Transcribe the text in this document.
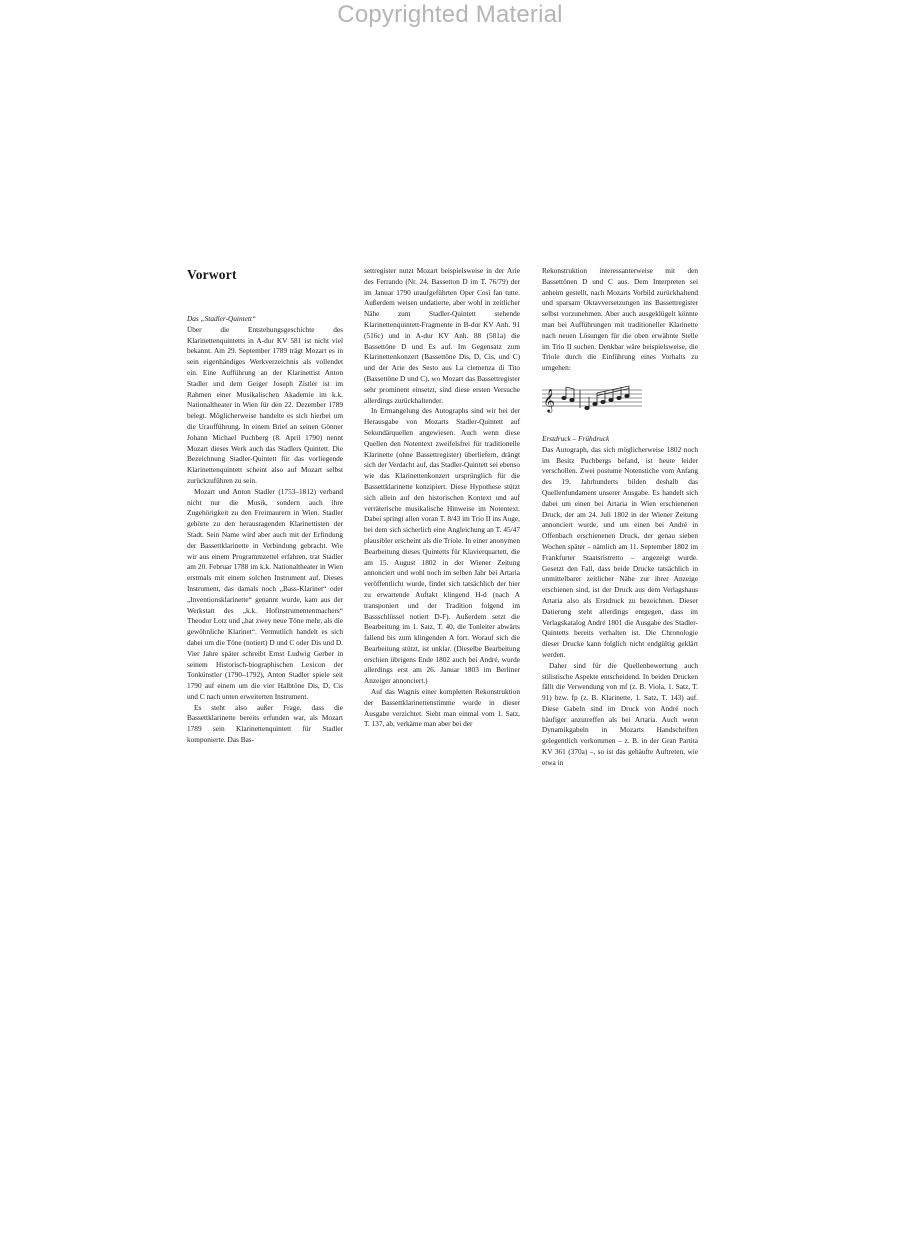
Copyrighted Material
Vorwort

Das „Stadler-Quintett“

Über die Entstehungsgeschichte des Klarinettenquintetts in A-dur KV 581 ist nicht viel bekannt. Am 29. September 1789 trägt Mozart es in sein eigenhändiges Werkverzeichnis als vollendet ein. Eine Aufführung an der Klarinettist Anton Stadler und dem Geiger Joseph Zistler ist im Rahmen einer Musikalischen Akademie im k.k. Nationaltheater in Wien für den 22. Dezember 1789 belegt. Möglicherweise handelte es sich hierbei um die Uraufführung. In einem Brief an seinen Gönner Johann Michael Puchberg (8. April 1790) nennt Mozart dieses Werk auch das Stadlers Quintett. Die Bezeichnung Stadler-Quintett für das vorliegende Klarinettenquintett scheint also auf Mozart selbst zurückzuführen zu sein.

Mozart und Anton Stadler (1753–1812) verband nicht nur die Musik, sondern auch ihre Zugehörigkeit zu den Freimaurern in Wien. Stadler gehörte zu den herausragenden Klarinettisten der Stadt. Sein Name wird aber auch mit der Erfindung der Bassettklarinette in Verbindung gebracht. Wie wir aus einem Programmzettel erfahren, trat Stadler am 20. Februar 1788 im k.k. Nationaltheater in Wien erstmals mit einem solchen Instrument auf. Dieses Instrument, das damals noch „Bass-Klarinet“ oder „Inventionsklarinette“ genannt wurde, kam aus der Werkstatt des „k.k. Hofinstrumentenmachers“ Theodor Lotz und „hat zwey neue Töne mehr, als die gewöhnliche Klarinet“. Vermutlich handelt es sich dabei um die Töne (notiert) D und C oder Dis und D. Vier Jahre später schreibt Ernst Ludwig Gerber in seinem Historisch-biographischen Lexicon der Tonkünstler (1790–1792), Anton Stadler spiele seit 1790 auf einem um die vier Halbtöne Dis, D, Cis und C nach unten erweiterten Instrument.

Es steht also außer Frage, dass die Bassettklarinette bereits erfunden war, als Mozart 1789 sein Klarinettenquintett für Stadler komponierte. Das Bas-

settregister nutzt Mozart beispielsweise in der Arie des Ferrando (Nr. 24, Bassetton D im T. 76/79) der im Januar 1790 uraufgeführten Oper Così fan tutte. Außerdem weisen undatierte, aber wohl in zeitlicher Nähe zum Stadler-Quintett stehende Klarinettenquintett-Fragmente in B-dur KV Anh. 91 (516c) und in A-dur KV Anh. 88 (581a) die Bassettöne D und Es auf. Im Gegensatz zum Klarinettenkonzert (Bassettöne Dis, D, Cis, und C) und der Arie des Sesto aus La clemenza di Tito (Bassettöne D und C), wo Mozart das Bassettregister sehr prominent einsetzt, sind diese ersten Versuche allerdings zurückhaltender.

In Ermangelung des Autographs sind wir bei der Herausgabe von Mozarts Stadler-Quintett auf Sekundärquellen angewiesen. Auch wenn diese Quellen den Notentext zweifelsfrei für traditionelle Klarinette (ohne Bassettregister) überliefern, drängt sich der Verdacht auf, das Stadler-Quintett sei ebenso wie das Klarinettenkonzert ursprünglich für die Bassettklarinette konzipiert. Diese Hypothese stützt sich allein auf den historischen Kontext und auf verräterische musikalische Hinweise im Notentext. Dabei springt allen voran T. 8/43 im Trio II ins Auge, bei dem sich sicherlich eine Angleichung an T. 45/47 plausibler erscheint als die Triole. In einer anonymen Bearbeitung dieses Quintetts für Klavierquartett, die am 15. August 1802 in der Wiener Zeitung annonciert und wohl noch im selben Jahr bei Artaria veröffentlicht wurde, findet sich tatsächlich der hier zu erwartende Auftakt klingend H-d (nach A transponiert und der Tradition folgend im Bassschlüssel notiert D-F). Außerdem setzt die Bearbeitung im 1. Satz, T. 40, die Tonleiter abwärts fallend bis zum klingenden A fort. Worauf sich die Bearbeitung stützt, ist unklar. (Dieselbe Bearbeitung erschien übrigens Ende 1802 auch bei André, wurde allerdings erst am 26. Januar 1803 im Berliner Anzeiger annonciert.)

Auf das Wagnis einer kompletten Rekonstruktion der Bassettklarinettenstimme wurde in dieser Ausgabe verzichtet. Sieht man einmal vom 1. Satz, T. 137, ab, verkäme man aber bei der

Rekonstruktion interessanterweise mit den Bassettönen D und C aus. Dem Interpreten sei anheim gestellt, nach Mozarts Vorbild zurückhaltend und sparsam Oktavversetzungen ins Bassettregister selbst vorzunehmen. Aber auch ausgeklügelt könnte man bei Aufführungen mit traditioneller Klarinette nach neuen Lösungen für die oben erwähnte Stelle im Trio II suchen. Denkbar wäre beispielsweise, die Triole durch die Einführung eines Vorhalts zu umgehen:

𝄞

Erstdruck – Frühdruck

Das Autograph, das sich möglicherweise 1802 noch im Besitz Puchbergs befand, ist heute leider verschollen. Zwei postume Notenstiche vom Anfang des 19. Jahrhunderts bilden deshalb das Quellenfundament unserer Ausgabe. Es handelt sich dabei um einen bei Artaria in Wien erschienenen Druck, der am 24. Juli 1802 in der Wiener Zeitung annonciert wurde, und um einen bei André in Offenbach erschienenen Druck, der genau sieben Wochen später – nämlich am 11. September 1802 im Frankfurter Staatsristretto – angezeigt wurde. Gesetzt den Fall, dass beide Drucke tatsächlich in unmittelbarer zeitlicher Nähe zur ihrer Anzeige erschienen sind, ist der Druck aus dem Verlagshaus Artaria also als Erstdruck zu bezeichnen. Dieser Datierung steht allerdings entgegen, dass im Verlagskatalog André 1801 die Ausgabe des Stadler-Quintetts bereits verhalten ist. Die Chronologie dieser Drucke kann folglich nicht endgültig geklärt werden.

Daher sind für die Quellenbewertung auch stilistische Aspekte entscheidend. In beiden Drucken fällt die Verwendung von mf (z. B. Viola, 1. Satz, T. 91) bzw. fp (z. B. Klarinette, 1. Satz, T. 143) auf. Diese Gabeln sind im Druck von André noch häufiger anzutreffen als bei Artaria. Auch wenn Dynamikgabeln in Mozarts Handschriften gelegentlich vorkommen – z. B. in der Gran Partita KV 361 (370a) –, so ist das gehäufte Auftreten, wie etwa in
